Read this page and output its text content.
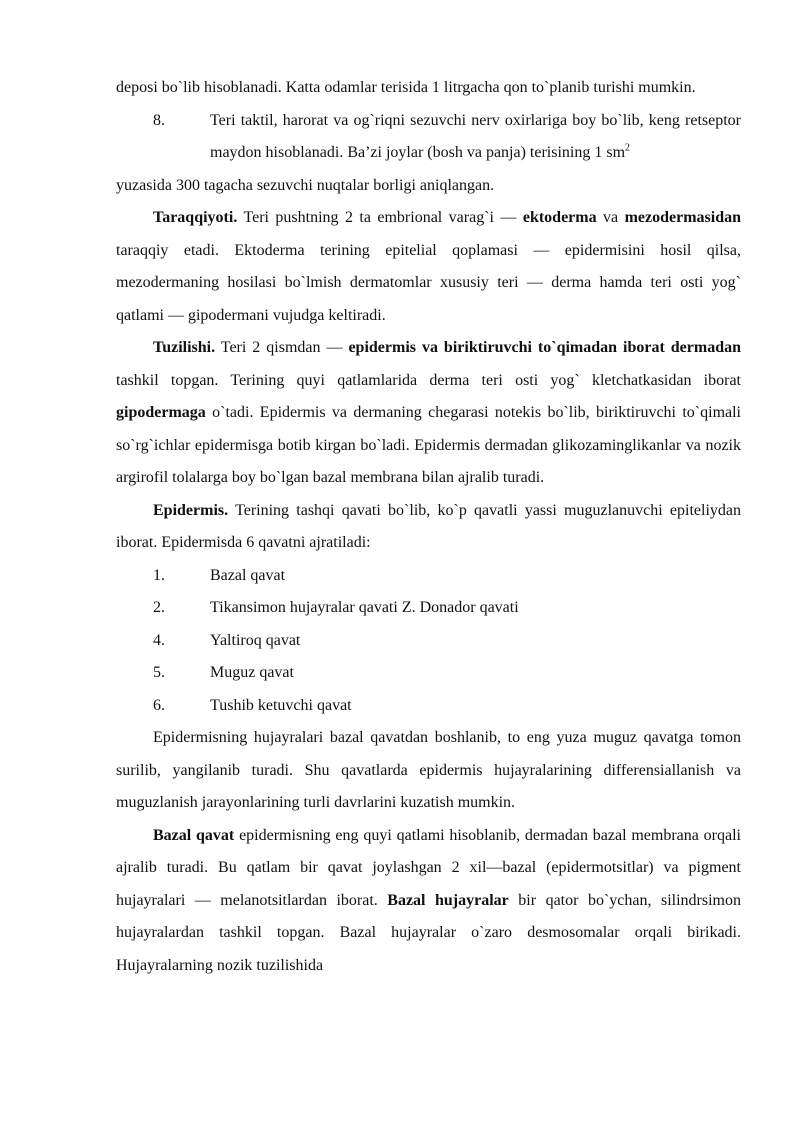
deposi bo`lib hisoblanadi. Katta odamlar terisida 1 litrgacha qon to`planib turishi mumkin.

8.	Teri taktil, harorat va og`riqni sezuvchi nerv oxirlariga boy bo`lib, keng retseptor maydon hisoblanadi. Ba’zi joylar (bosh va panja) terisining 1 $sm^2$

yuzasida 300 tagacha sezuvchi nuqtalar borligi aniqlangan.

Taraqqiyoti. Teri pushtning 2 ta embrional varag`i — ektoderma va mezodermasidan taraqqiy etadi. Ektoderma terining epitelial qoplamasi — epidermisini hosil qilsa, mezodermaning hosilasi bo`lmish dermatomlar xususiy teri — derma hamda teri osti yog` qatlami — gipodermani vujudga keltiradi.

Tuzilishi. Teri 2 qismdan — epidermis va biriktiruvchi to`qimadan iborat dermadan tashkil topgan. Terining quyi qatlamlarida derma teri osti yog` kletchatkasidan iborat gipodermaga o`tadi. Epidermis va dermaning chegarasi notekis bo`lib, biriktiruvchi to`qimali so`rg`ichlar epidermisga botib kirgan bo`ladi. Epidermis dermadan glikozaminglikanlar va nozik argirofil tolalarga boy bo`lgan bazal membrana bilan ajralib turadi.

Epidermis. Terining tashqi qavati bo`lib, ko`p qavatli yassi muguzlanuvchi epiteliydan iborat. Epidermisda 6 qavatni ajratiladi:

1.	Bazal qavat
2.	Tikansimon hujayralar qavati Z. Donador qavati
4.	Yaltiroq qavat
5.	Muguz qavat
6.	Tushib ketuvchi qavat

Epidermisning hujayralari bazal qavatdan boshlanib, to eng yuza muguz qavatga tomon surilib, yangilanib turadi. Shu qavatlarda epidermis hujayralarining differensiallanish va muguzlanish jarayonlarining turli davrlarini kuzatish mumkin.

Bazal qavat epidermisning eng quyi qatlami hisoblanib, dermadan bazal membrana orqali ajralib turadi. Bu qatlam bir qavat joylashgan 2 xil—bazal (epidermotsitlar) va pigment hujayralari — melanotsitlardan iborat. Bazal hujayralar bir qator bo`ychan, silindrsimon hujayralardan tashkil topgan. Bazal hujayralar o`zaro desmosomalar orqali birikadi. Hujayralarning nozik tuzilishida
